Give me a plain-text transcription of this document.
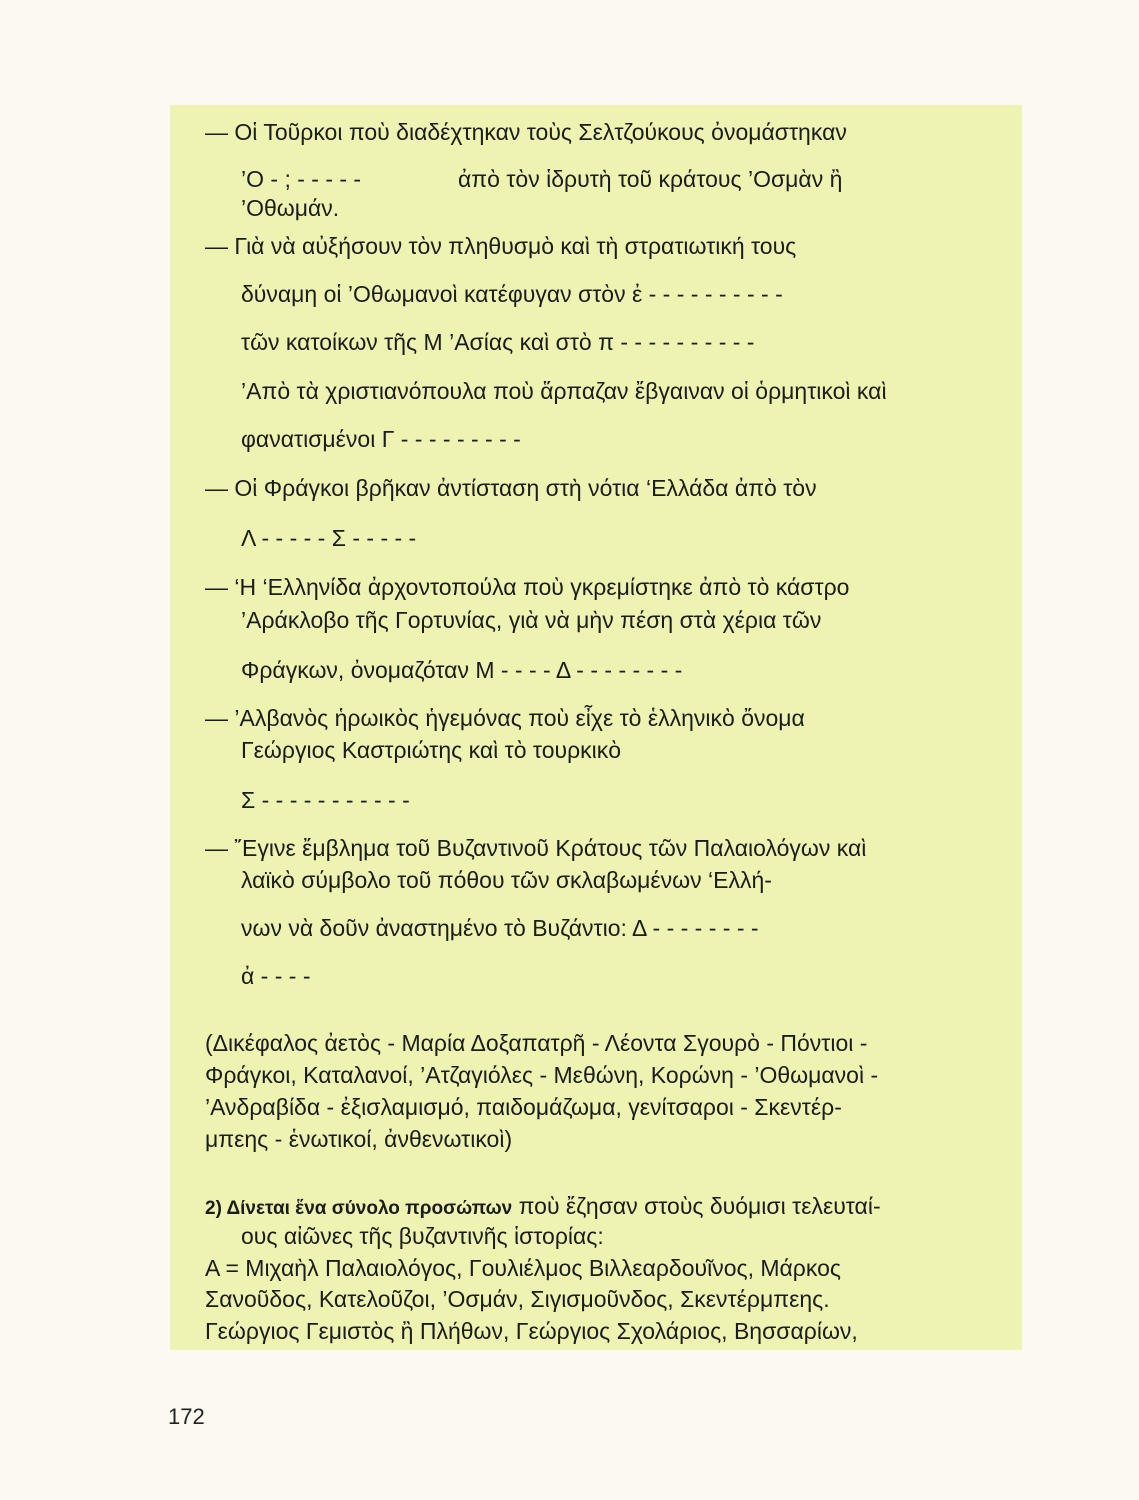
— Οἱ Τοῦρκοι ποὺ διαδέχτηκαν τοὺς Σελτζούκους ὀνομάστηκαν
’Ο - ; - - - - -	ἀπὸ τὸν ἱδρυτὴ τοῦ κράτους ’Οσμὰν ἢ
’Οθωμάν.
— Γιὰ νὰ αὐξήσουν τὸν πληθυσμὸ καὶ τὴ στρατιωτική τους
δύναμη οἱ ’Οθωμανοὶ κατέφυγαν στὸν ἐ - - - - - - - - - -
τῶν κατοίκων τῆς Μ ’Ασίας καὶ στὸ π - - - - - - - - - -
’Απὸ τὰ χριστιανόπουλα ποὺ ἅρπαζαν ἔβγαιναν οἱ ὁρμητικοὶ καὶ
φανατισμένοι Γ - - - - - - - - -
— Οἱ Φράγκοι βρῆκαν ἀντίσταση στὴ νότια ‘Ελλάδα ἀπὸ τὸν
Λ - - - - - Σ - - - - -
— ‘Η ‘Ελληνίδα ἀρχοντοπούλα ποὺ γκρεμίστηκε ἀπὸ τὸ κάστρο
’Αράκλοβο τῆς Γορτυνίας, γιὰ νὰ μὴν πέση στὰ χέρια τῶν
Φράγκων, ὀνομαζόταν Μ - - - - Δ - - - - - - - -
— ’Αλβανὸς ἡρωικὸς ἡγεμόνας ποὺ εἶχε τὸ ἑλληνικὸ ὄνομα
Γεώργιος Καστριώτης καὶ τὸ τουρκικὸ
Σ - - - - - - - - - - -
— ῎Εγινε ἔμβλημα τοῦ Βυζαντινοῦ Κράτους τῶν Παλαιολόγων καὶ
λαϊκὸ σύμβολο τοῦ πόθου τῶν σκλαβωμένων ‘Ελλή-
νων νὰ δοῦν ἀναστημένο τὸ Βυζάντιο: Δ - - - - - - - -
ἀ - - - -
(Δικέφαλος ἀετὸς - Μαρία Δοξαπατρῆ - Λέοντα Σγουρὸ - Πόντιοι -
Φράγκοι, Καταλανοί, ’Ατζαγιόλες - Μεθώνη, Κορώνη - ’Οθωμανοὶ -
’Ανδραβίδα - ἐξισλαμισμό, παιδομάζωμα, γενίτσαροι - Σκεντέρ-
μπεης - ἑνωτικοί, ἀνθενωτικοὶ)
2) Δίνεται ἕνα σύνολο προσώπων ποὺ ἔζησαν στοὺς δυόμισι τελευταί-
ους αἰῶνες τῆς βυζαντινῆς ἱστορίας:
Α = Μιχαὴλ Παλαιολόγος, Γουλιέλμος Βιλλεαρδουῖνος, Μάρκος
Σανοῦδος, Κατελοῦζοι, ’Οσμάν, Σιγισμοῦνδος, Σκεντέρμπεης.
Γεώργιος Γεμιστὸς ἢ Πλήθων, Γεώργιος Σχολάριος, Βησσαρίων,
172
